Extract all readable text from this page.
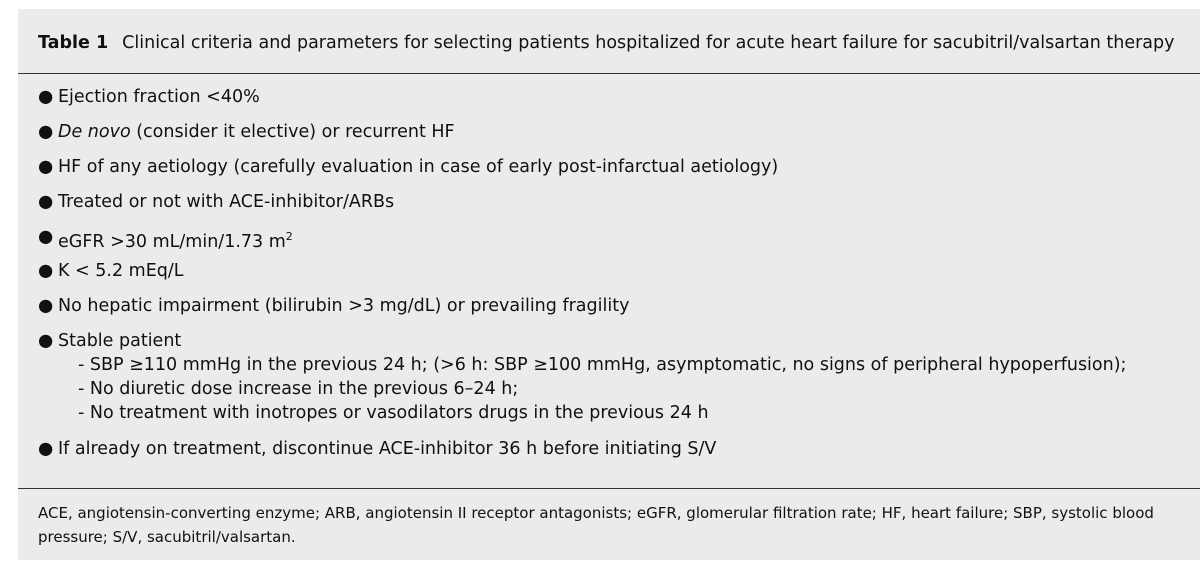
Table 1 Clinical criteria and parameters for selecting patients hospitalized for acute heart failure for sacubitril/valsartan therapy
● Ejection fraction <40%
● De novo (consider it elective) or recurrent HF
● HF of any aetiology (carefully evaluation in case of early post-infarctual aetiology)
● Treated or not with ACE-inhibitor/ARBs
● eGFR >30 mL/min/1.73 $m^2$
● K < 5.2 mEq/L
● No hepatic impairment (bilirubin >3 mg/dL) or prevailing fragility
● Stable patient
- SBP ≥110 mmHg in the previous 24 h; (>6 h: SBP ≥100 mmHg, asymptomatic, no signs of peripheral hypoperfusion);
- No diuretic dose increase in the previous 6–24 h;
- No treatment with inotropes or vasodilators drugs in the previous 24 h
● If already on treatment, discontinue ACE-inhibitor 36 h before initiating S/V
ACE, angiotensin-converting enzyme; ARB, angiotensin II receptor antagonists; eGFR, glomerular filtration rate; HF, heart failure; SBP, systolic blood pressure; S/V, sacubitril/valsartan.
